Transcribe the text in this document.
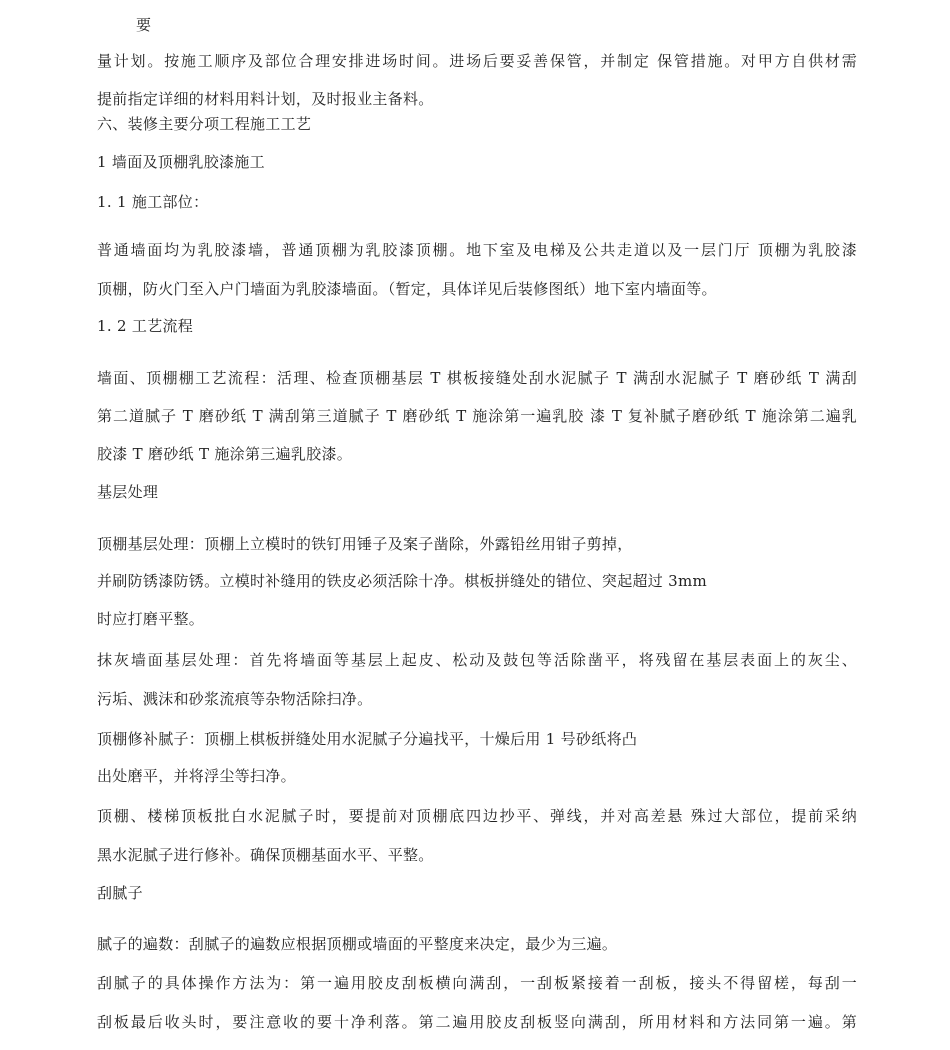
要
量计划。按施工顺序及部位合理安排进场时间。进场后要妥善保管，并制定 保管措施。对甲方自供材需
提前指定详细的材料用料计划，及时报业主备料。
六、装修主要分项工程施工工艺
1 墙面及顶棚乳胶漆施工
1. 1 施工部位：
普通墙面均为乳胶漆墙，普通顶棚为乳胶漆顶棚。地下室及电梯及公共走道以及一层门厅 顶棚为乳胶漆
顶棚，防火门至入户门墙面为乳胶漆墙面。（暂定，具体详见后装修图纸）地下室内墙面等。
1. 2 工艺流程
墙面、顶棚棚工艺流程：活理、检查顶棚基层 T 棋板接缝处刮水泥腻子 T 满刮水泥腻子 T 磨砂纸 T 满刮
第二道腻子 T 磨砂纸 T 满刮第三道腻子 T 磨砂纸 T 施涂第一遍乳胶 漆 T 复补腻子磨砂纸 T 施涂第二遍乳
胶漆 T 磨砂纸 T 施涂第三遍乳胶漆。
基层处理
顶棚基层处理：顶棚上立模时的铁钉用锤子及案子凿除，外露铅丝用钳子剪掉，
并刷防锈漆防锈。立模时补缝用的铁皮必须活除十净。棋板拼缝处的错位、突起超过 3mm
时应打磨平整。
抹灰墙面基层处理：首先将墙面等基层上起皮、松动及鼓包等活除凿平，将残留在基层表面上的灰尘、
污垢、溅沫和砂浆流痕等杂物活除扫净。
顶棚修补腻子：顶棚上棋板拼缝处用水泥腻子分遍找平，十燥后用 1 号砂纸将凸
出处磨平，并将浮尘等扫净。
顶棚、楼梯顶板批白水泥腻子时，要提前对顶棚底四边抄平、弹线，并对高差悬 殊过大部位，提前采纳
黑水泥腻子进行修补。确保顶棚基面水平、平整。
刮腻子
腻子的遍数：刮腻子的遍数应根据顶棚或墙面的平整度来决定，最少为三遍。
刮腻子的具体操作方法为：第一遍用胶皮刮板横向满刮，一刮板紧接着一刮板，接头不得留槎，每刮一
刮板最后收头时，要注意收的要十净利落。第二遍用胶皮刮板竖向满刮，所用材料和方法同第一遍。第
